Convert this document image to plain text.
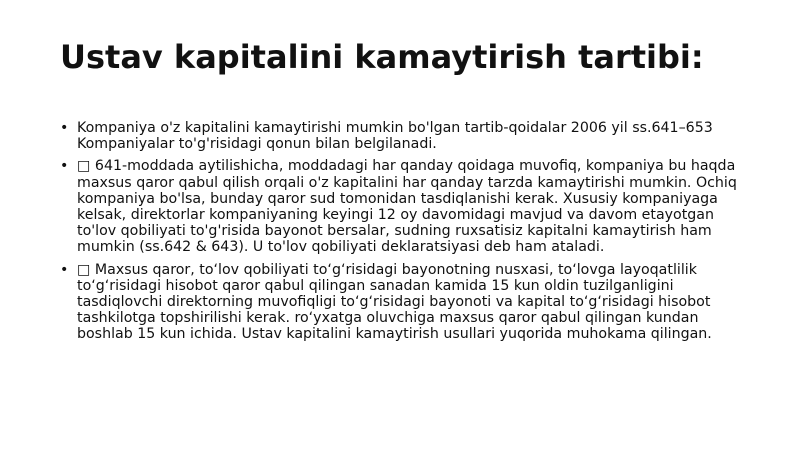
Ustav kapitalini kamaytirish tartibi:
• Kompaniya o'z kapitalini kamaytirishi mumkin bo'lgan tartib-qoidalar 2006 yil ss.641–653 Kompaniyalar to'g'risidagi qonun bilan belgilanadi.
• □ 641-moddada aytilishicha, moddadagi har qanday qoidaga muvofiq, kompaniya bu haqda maxsus qaror qabul qilish orqali o'z kapitalini har qanday tarzda kamaytirishi mumkin. Ochiq kompaniya bo'lsa, bunday qaror sud tomonidan tasdiqlanishi kerak. Xususiy kompaniyaga kelsak, direktorlar kompaniyaning keyingi 12 oy davomidagi mavjud va davom etayotgan to'lov qobiliyati to'g'risida bayonot bersalar, sudning ruxsatisiz kapitalni kamaytirish ham mumkin (ss.642 & 643). U to'lov qobiliyati deklaratsiyasi deb ham ataladi.
• □ Maxsus qaror, to‘lov qobiliyati to‘g‘risidagi bayonotning nusxasi, to‘lovga layoqatlilik to‘g‘risidagi hisobot qaror qabul qilingan sanadan kamida 15 kun oldin tuzilganligini tasdiqlovchi direktorning muvofiqligi to‘g‘risidagi bayonoti va kapital to‘g‘risidagi hisobot tashkilotga topshirilishi kerak. ro‘yxatga oluvchiga maxsus qaror qabul qilingan kundan boshlab 15 kun ichida. Ustav kapitalini kamaytirish usullari yuqorida muhokama qilingan.
